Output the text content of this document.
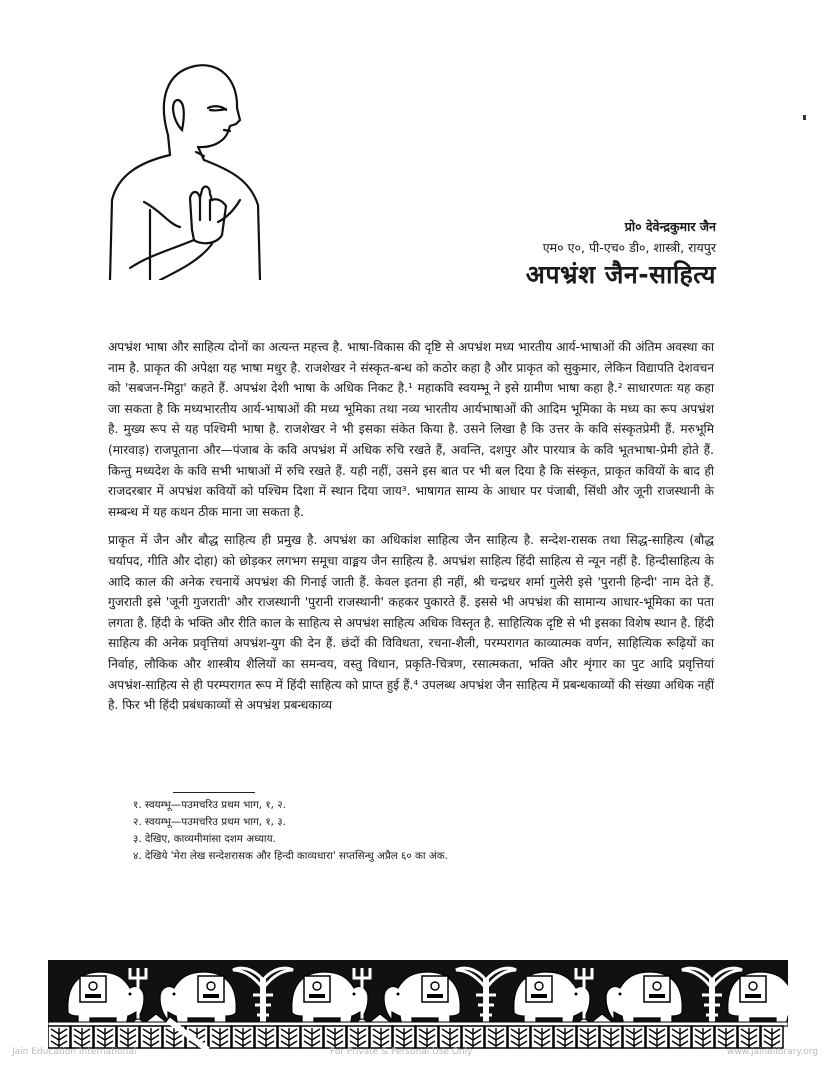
प्रो० देवेन्द्रकुमार जैन
एम० ए०, पी-एच० डी०, शास्त्री, रायपुर
अपभ्रंश जैन-साहित्य

अपभ्रंश भाषा और साहित्य दोनों का अत्यन्त महत्त्व है. भाषा-विकास की दृष्टि से अपभ्रंश मध्य भारतीय आर्य-भाषाओं की अंतिम अवस्था का नाम है. प्राकृत की अपेक्षा यह भाषा मधुर है. राजशेखर ने संस्कृत-बन्ध को कठोर कहा है और प्राकृत को सुकुमार, लेकिन विद्यापति देशवचन को 'सबजन-मिट्ठा' कहते हैं. अपभ्रंश देशी भाषा के अधिक निकट है.¹ महाकवि स्वयम्भू ने इसे ग्रामीण भाषा कहा है.² साधारणतः यह कहा जा सकता है कि मध्यभारतीय आर्य-भाषाओं की मध्य भूमिका तथा नव्य भारतीय आर्यभाषाओं की आदिम भूमिका के मध्य का रूप अपभ्रंश है. मुख्य रूप से यह पश्चिमी भाषा है. राजशेखर ने भी इसका संकेत किया है. उसने लिखा है कि उत्तर के कवि संस्कृतप्रेमी हैं. मरुभूमि (मारवाड़) राजपूताना और—पंजाब के कवि अपभ्रंश में अधिक रुचि रखते हैं, अवन्ति, दशपुर और पारयात्र के कवि भूतभाषा-प्रेमी होते हैं. किन्तु मध्यदेश के कवि सभी भाषाओं में रुचि रखते हैं. यही नहीं, उसने इस बात पर भी बल दिया है कि संस्कृत, प्राकृत कवियों के बाद ही राजदरबार में अपभ्रंश कवियों को पश्चिम दिशा में स्थान दिया जाय³. भाषागत साम्य के आधार पर पंजाबी, सिंधी और जूनी राजस्थानी के सम्बन्ध में यह कथन ठीक माना जा सकता है.

प्राकृत में जैन और बौद्ध साहित्य ही प्रमुख है. अपभ्रंश का अधिकांश साहित्य जैन साहित्य है. सन्देश-रासक तथा सिद्ध-साहित्य (बौद्ध चर्यापद, गीति और दोहा) को छोड़कर लगभग समूचा वाङ्मय जैन साहित्य है. अपभ्रंश साहित्य हिंदी साहित्य से न्यून नहीं है. हिन्दीसाहित्य के आदि काल की अनेक रचनायें अपभ्रंश की गिनाई जाती हैं. केवल इतना ही नहीं, श्री चन्द्रधर शर्मा गुलेरी इसे 'पुरानी हिन्दी' नाम देते हैं. गुजराती इसे 'जूनी गुजराती' और राजस्थानी 'पुरानी राजस्थानी' कहकर पुकारते हैं. इससे भी अपभ्रंश की सामान्य आधार-भूमिका का पता लगता है. हिंदी के भक्ति और रीति काल के साहित्य से अपभ्रंश साहित्य अधिक विस्तृत है. साहित्यिक दृष्टि से भी इसका विशेष स्थान है. हिंदी साहित्य की अनेक प्रवृत्तियां अपभ्रंश-युग की देन हैं. छंदों की विविधता, रचना-शैली, परम्परागत काव्यात्मक वर्णन, साहित्यिक रूढ़ियों का निर्वाह, लौकिक और शास्त्रीय शैलियों का समन्वय, वस्तु विधान, प्रकृति-चित्रण, रसात्मकता, भक्ति और शृंगार का पुट आदि प्रवृत्तियां अपभ्रंश-साहित्य से ही परम्परागत रूप में हिंदी साहित्य को प्राप्त हुई हैं.⁴ उपलब्ध अपभ्रंश जैन साहित्य में प्रबन्धकाव्यों की संख्या अधिक नहीं है. फिर भी हिंदी प्रबंधकाव्यों से अपभ्रंश प्रबन्धकाव्य

१. स्वयम्भू—पउमचरिउ प्रथम भाग, १, २.
२. स्वयम्भू—पउमचरिउ प्रथम भाग, १, ३.
३. देखिए, काव्यमीमांसा दशम अध्याय.
४. देखिये 'मेरा लेख सन्देशरासक और हिन्दी काव्यधारा' सप्तसिन्धु अप्रैल ६० का अंक.
Jain Education International	For Private & Personal Use Only	www.jainelibrary.org
